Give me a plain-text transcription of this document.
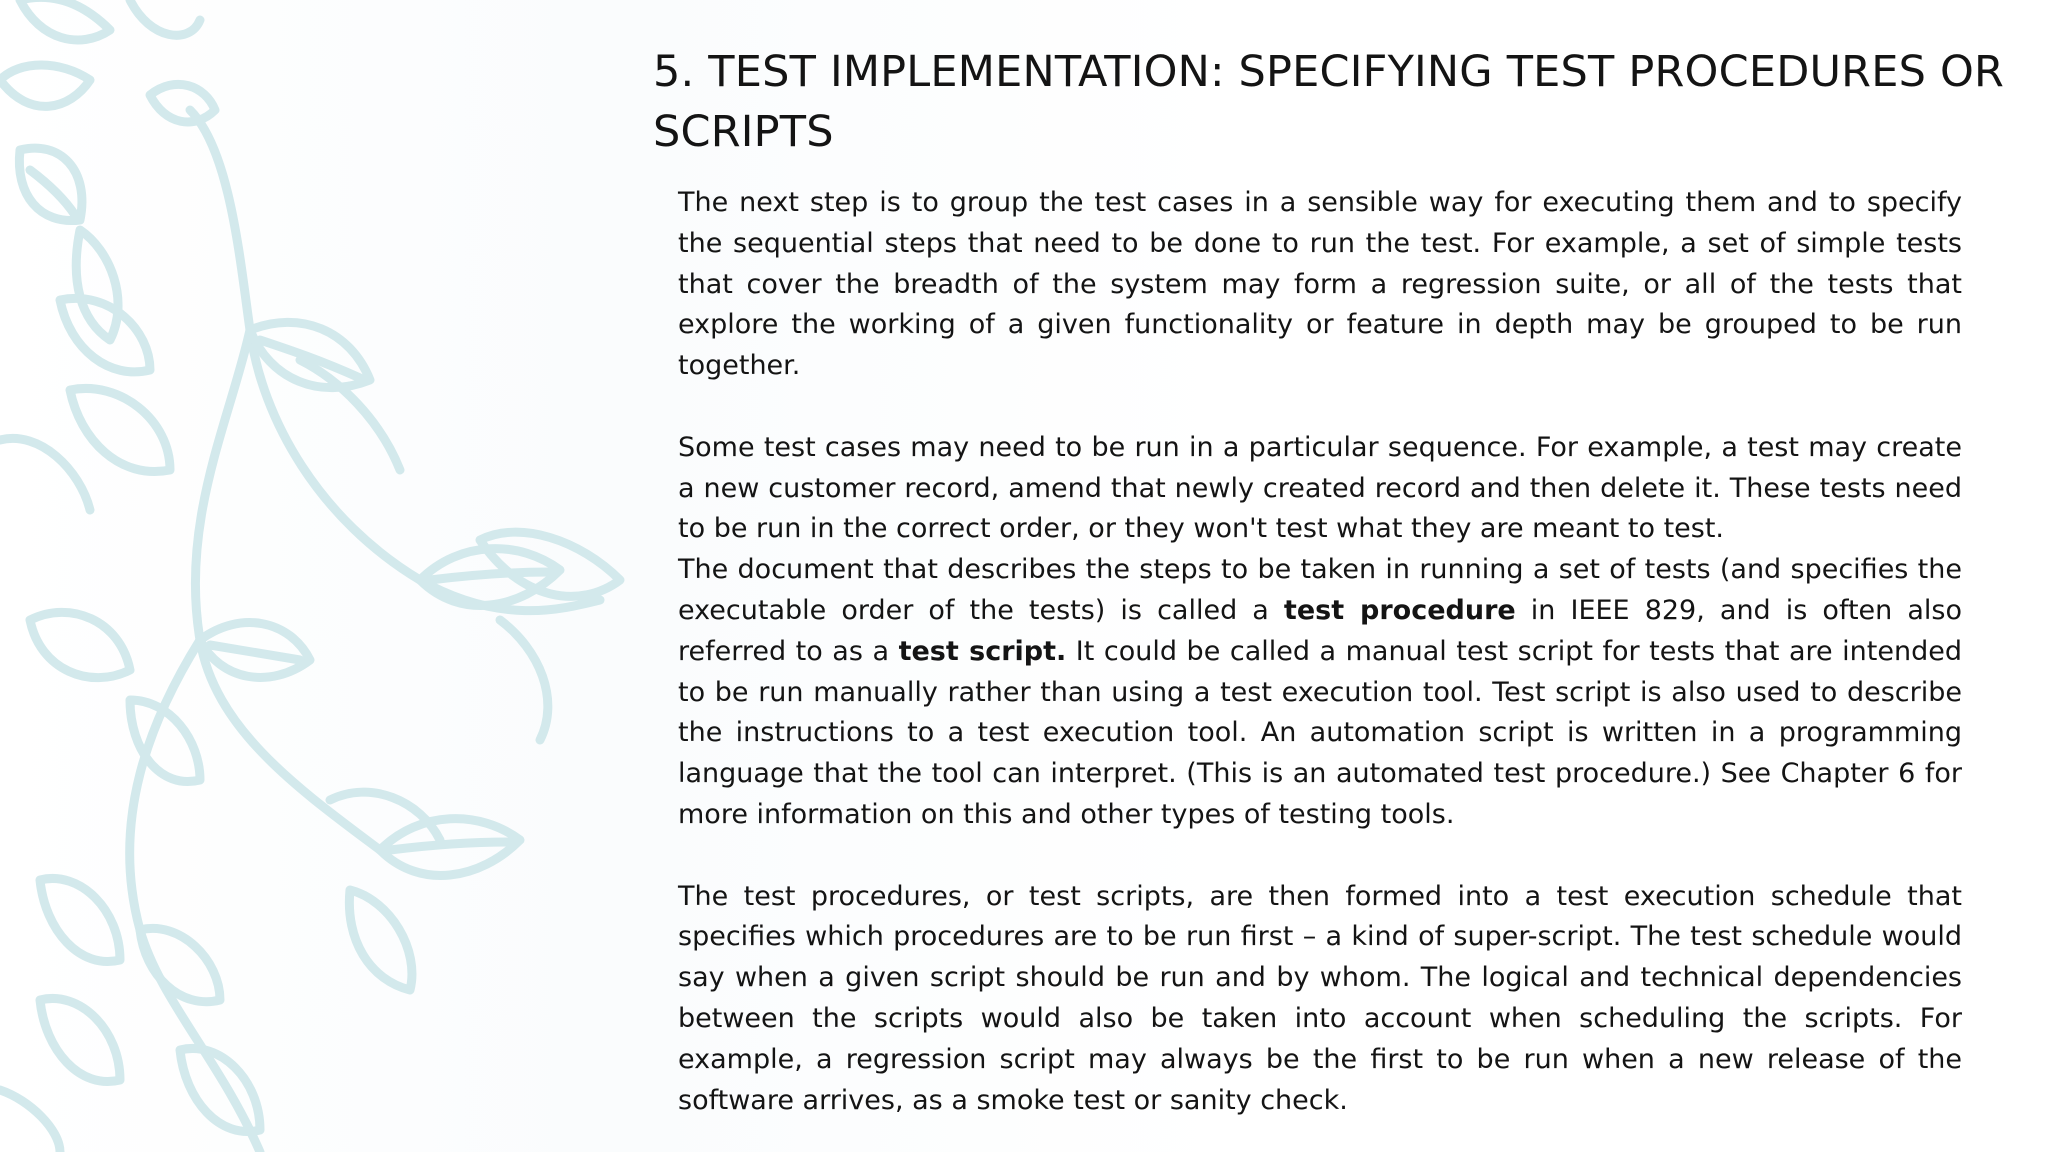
5. TEST IMPLEMENTATION: SPECIFYING TEST PROCEDURES OR SCRIPTS

The next step is to group the test cases in a sensible way for executing them and to specify the sequential steps that need to be done to run the test. For example, a set of simple tests that cover the breadth of the system may form a regression suite, or all of the tests that explore the working of a given functionality or feature in depth may be grouped to be run together.

Some test cases may need to be run in a particular sequence. For example, a test may create a new customer record, amend that newly created record and then delete it. These tests need to be run in the correct order, or they won't test what they are meant to test.

The document that describes the steps to be taken in running a set of tests (and specifies the executable order of the tests) is called a test procedure in IEEE 829, and is often also referred to as a test script. It could be called a manual test script for tests that are intended to be run manually rather than using a test execution tool. Test script is also used to describe the instructions to a test execution tool. An automation script is written in a programming language that the tool can interpret. (This is an automated test procedure.) See Chapter 6 for more information on this and other types of testing tools.

The test procedures, or test scripts, are then formed into a test execution schedule that specifies which procedures are to be run first – a kind of super-script. The test schedule would say when a given script should be run and by whom. The logical and technical dependencies between the scripts would also be taken into account when scheduling the scripts. For example, a regression script may always be the first to be run when a new release of the software arrives, as a smoke test or sanity check.
